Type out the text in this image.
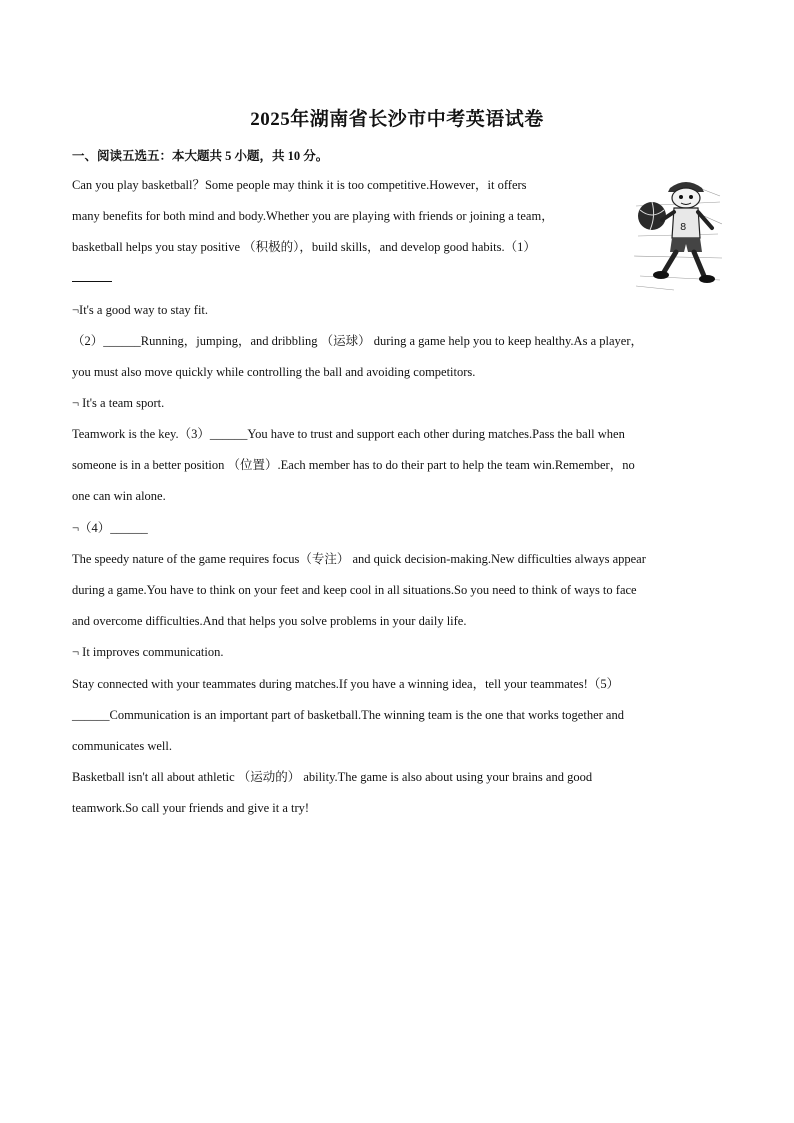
2025年湖南省长沙市中考英语试卷
一、阅读五选五：本大题共 5 小题，共 10 分。
Can you play basketball？Some people may think it is too competitive.However，it offers
many benefits for both mind and body.Whether you are playing with friends or joining a team，
basketball helps you stay positive （积极的），build skills，and develop good habits.（1）
¬It's a good way to stay fit.
（2）______Running，jumping，and dribbling （运球） during a game help you to keep healthy.As a player，
you must also move quickly while controlling the ball and avoiding competitors.
¬ It's a team sport.
Teamwork is the key.（3）______You have to trust and support each other during matches.Pass the ball when
someone is in a better position （位置）.Each member has to do their part to help the team win.Remember，no
one can win alone.
¬（4）______
The speedy nature of the game requires focus（专注） and quick decision-making.New difficulties always appear
during a game.You have to think on your feet and keep cool in all situations.So you need to think of ways to face
and overcome difficulties.And that helps you solve problems in your daily life.
¬ It improves communication.
Stay connected with your teammates during matches.If you have a winning idea，tell your teammates!（5）
______Communication is an important part of basketball.The winning team is the one that works together and
communicates well.
Basketball isn't all about athletic （运动的） ability.The game is also about using your brains and good
teamwork.So call your friends and give it a try!
8
